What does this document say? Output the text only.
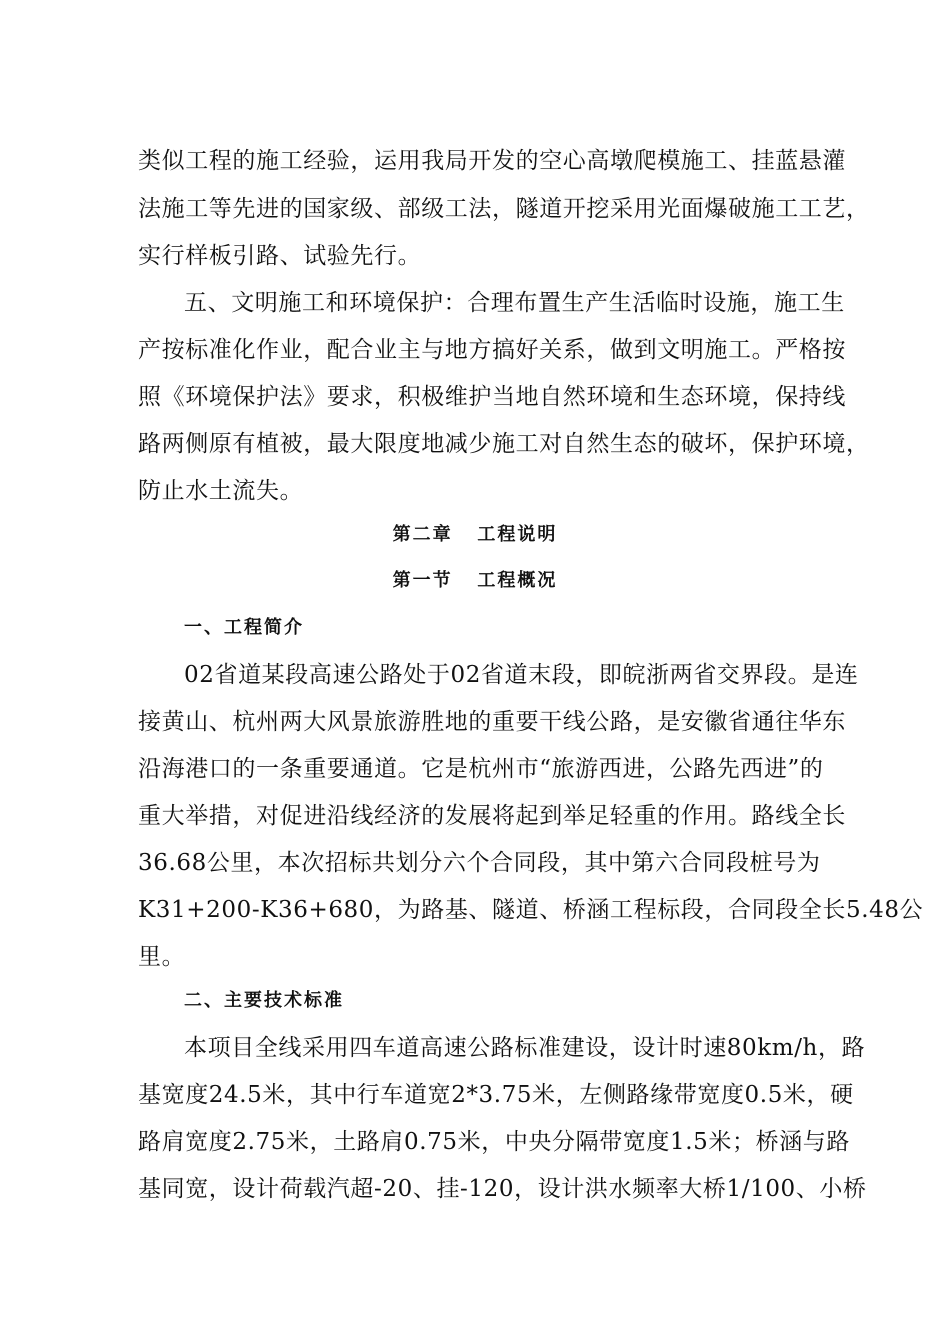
类似工程的施工经验，运用我局开发的空心高墩爬模施工、挂蓝悬灌
法施工等先进的国家级、部级工法，隧道开挖采用光面爆破施工工艺，
实行样板引路、试验先行。
五、文明施工和环境保护：合理布置生产生活临时设施，施工生
产按标准化作业，配合业主与地方搞好关系，做到文明施工。严格按
照《环境保护法》要求，积极维护当地自然环境和生态环境，保持线
路两侧原有植被，最大限度地减少施工对自然生态的破坏，保护环境，
防止水土流失。
第二章   工程说明
第一节   工程概况
一、工程简介
02省道某段高速公路处于02省道末段，即皖浙两省交界段。是连
接黄山、杭州两大风景旅游胜地的重要干线公路，是安徽省通往华东
沿海港口的一条重要通道。它是杭州市“旅游西进，公路先西进”的
重大举措，对促进沿线经济的发展将起到举足轻重的作用。路线全长
36.68公里，本次招标共划分六个合同段，其中第六合同段桩号为
K31+200-K36+680，为路基、隧道、桥涵工程标段，合同段全长5.48公
里。
二、主要技术标准
本项目全线采用四车道高速公路标准建设，设计时速80km/h，路
基宽度24.5米，其中行车道宽2*3.75米，左侧路缘带宽度0.5米，硬
路肩宽度2.75米，土路肩0.75米，中央分隔带宽度1.5米；桥涵与路
基同宽，设计荷载汽超-20、挂-120，设计洪水频率大桥1/100、小桥
